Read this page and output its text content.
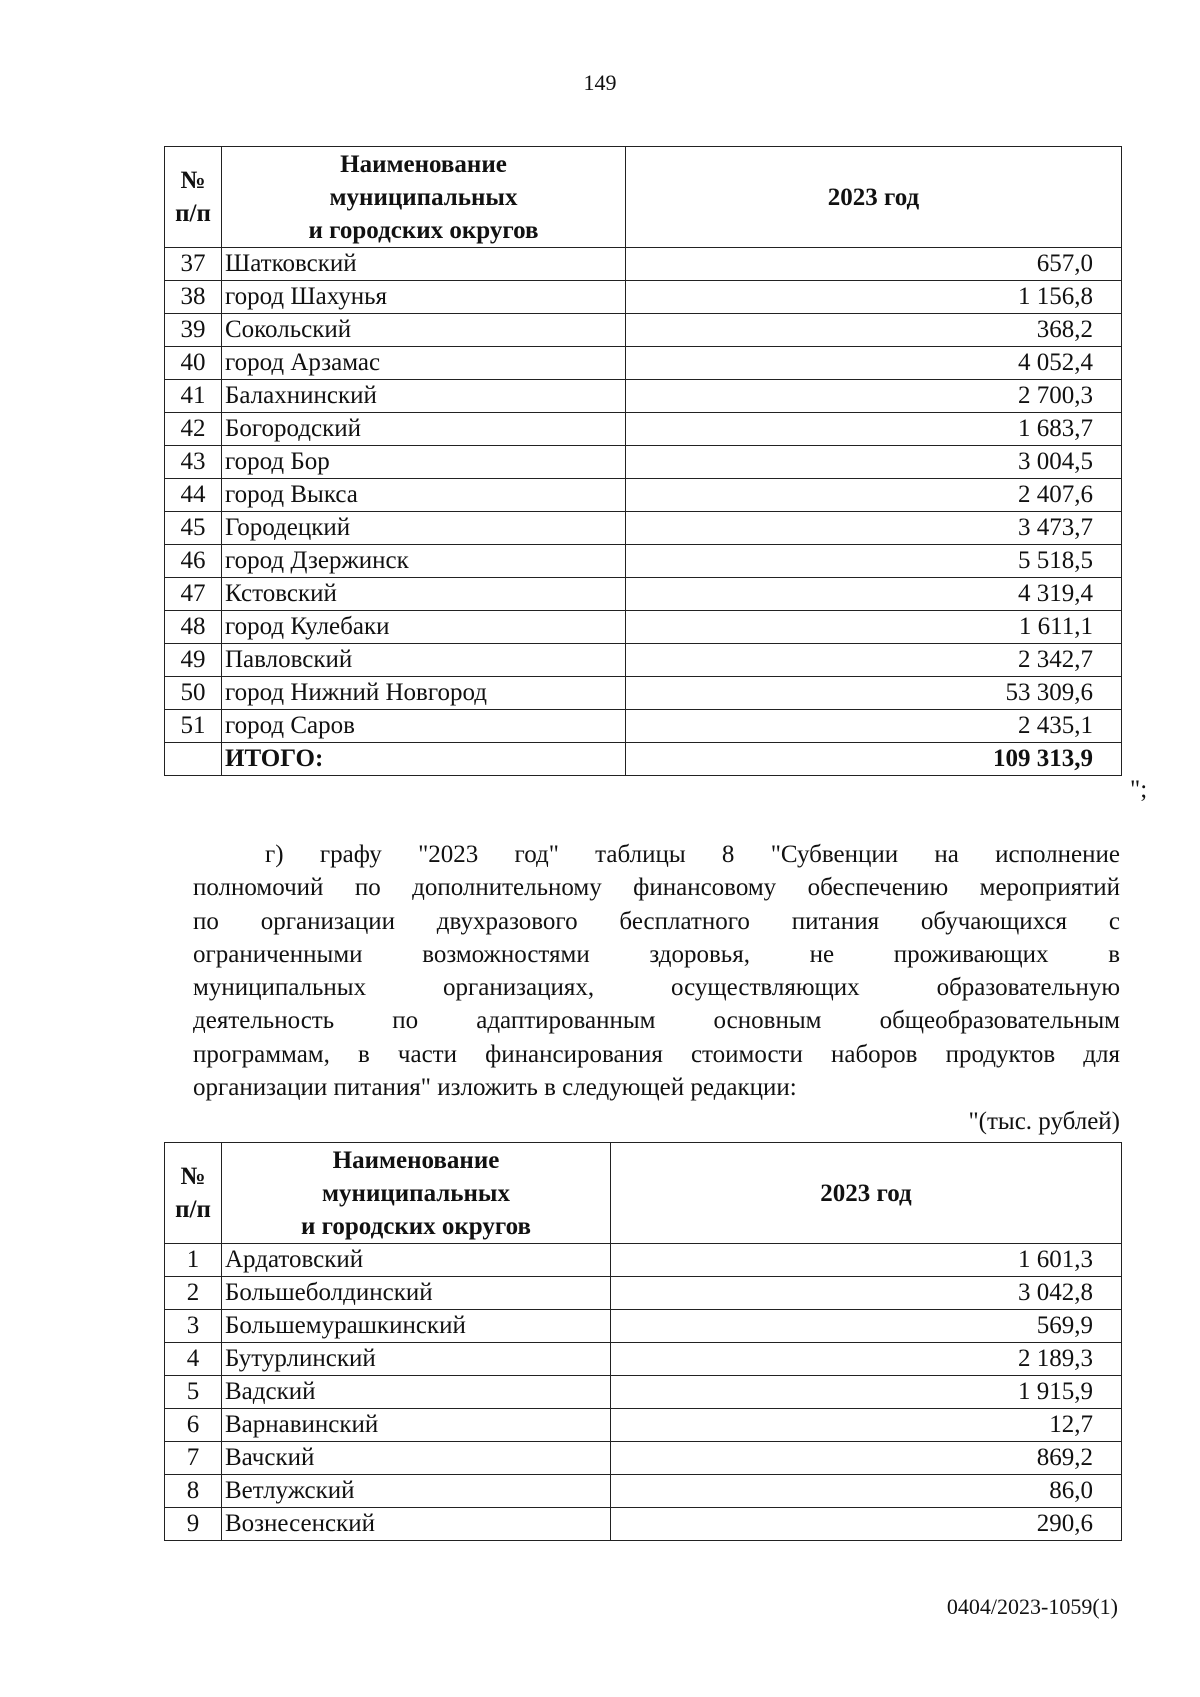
149
№
п/п	Наименование
муниципальных
и городских округов	2023 год
37	Шатковский	657,0
38	город Шахунья	1 156,8
39	Сокольский	368,2
40	город Арзамас	4 052,4
41	Балахнинский	2 700,3
42	Богородский	1 683,7
43	город Бор	3 004,5
44	город Выкса	2 407,6
45	Городецкий	3 473,7
46	город Дзержинск	5 518,5
47	Кстовский	4 319,4
48	город Кулебаки	1 611,1
49	Павловский	2 342,7
50	город Нижний Новгород	53 309,6
51	город Саров	2 435,1
	ИТОГО:	109 313,9
";
г) графу "2023 год" таблицы 8 "Субвенции на исполнение
полномочий по дополнительному финансовому обеспечению мероприятий
по организации двухразового бесплатного питания обучающихся с
ограниченными возможностями здоровья, не проживающих в
муниципальных организациях, осуществляющих образовательную
деятельность по адаптированным основным общеобразовательным
программам, в части финансирования стоимости наборов продуктов для
организации питания" изложить в следующей редакции:
"(тыс. рублей)
№
п/п	Наименование
муниципальных
и городских округов	2023 год
1	Ардатовский	1 601,3
2	Большеболдинский	3 042,8
3	Большемурашкинский	569,9
4	Бутурлинский	2 189,3
5	Вадский	1 915,9
6	Варнавинский	12,7
7	Вачский	869,2
8	Ветлужский	86,0
9	Вознесенский	290,6
0404/2023-1059(1)
